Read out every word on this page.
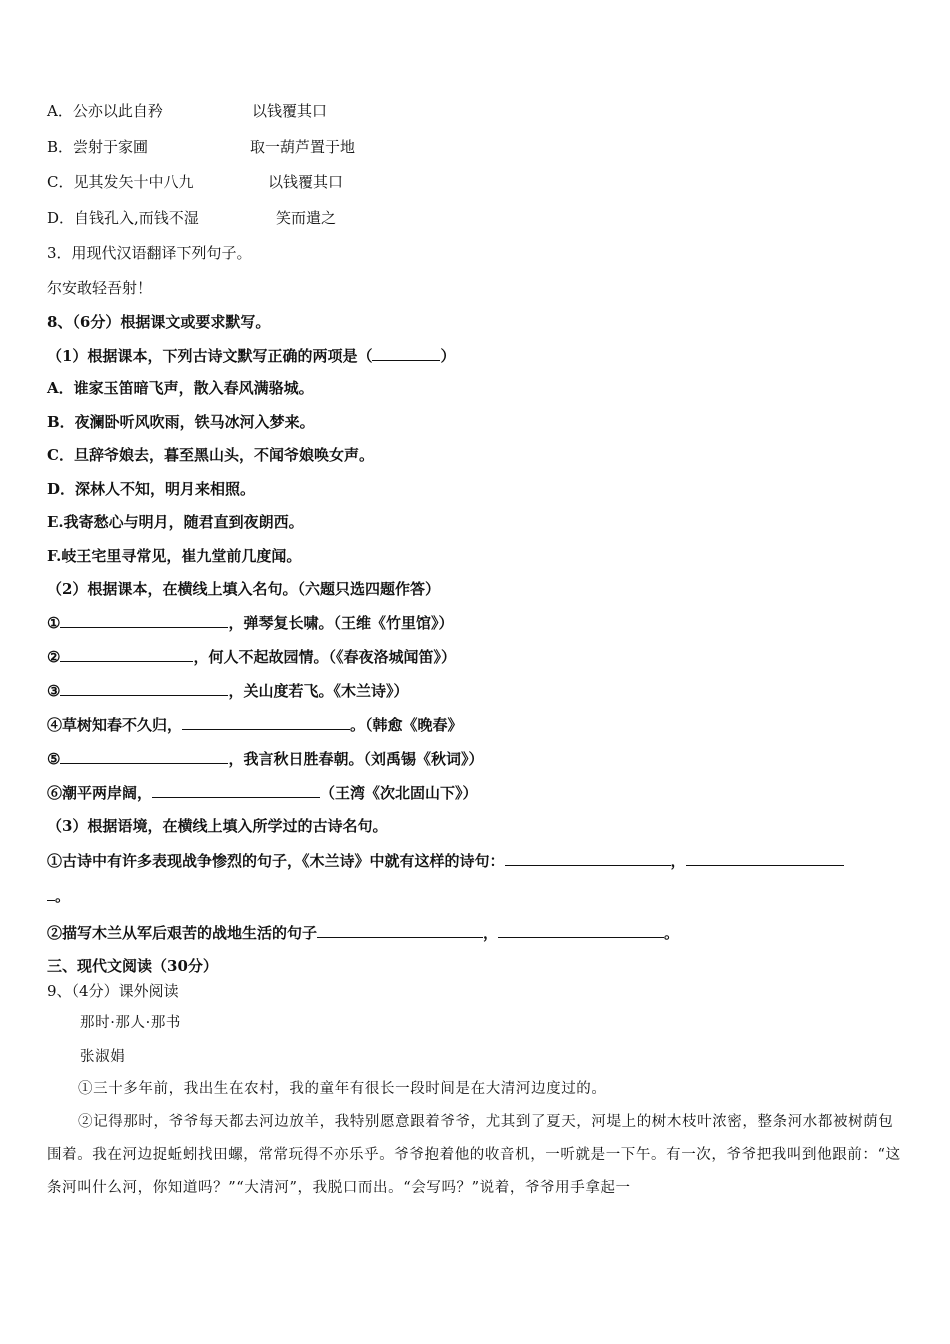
A．公亦以此自矜	以钱覆其口
B．尝射于家圃	取一葫芦置于地
C．见其发矢十中八九	以钱覆其口
D．自钱孔入,而钱不湿	笑而遣之
3．用现代汉语翻译下列句子。
尔安敢轻吾射！
8、（6分）根据课文或要求默写。
（1）根据课本，下列古诗文默写正确的两项是（	）
A．谁家玉笛暗飞声，散入春风满骆城。
B．夜澜卧听风吹雨，铁马冰河入梦来。
C．旦辞爷娘去，暮至黑山头，不闻爷娘唤女声。
D．深林人不知，明月来相照。
E.我寄愁心与明月，随君直到夜朗西。
F.岐王宅里寻常见，崔九堂前几度闻。
（2）根据课本，在横线上填入名句。（六题只选四题作答）
①	，弹琴复长啸。（王维《竹里馆》）
②	，何人不起故园情。（《春夜洛城闻笛》）
③	，关山度若飞。《木兰诗》）
④草树知春不久归，	。（韩愈《晚春》
⑤	，我言秋日胜春朝。（刘禹锡《秋词》）
⑥潮平两岸阔，	（王湾《次北固山下》）
（3）根据语境，在横线上填入所学过的古诗名句。
①古诗中有许多表现战争惨烈的句子，《木兰诗》中就有这样的诗句：	，
。
②描写木兰从军后艰苦的战地生活的句子	，	。
三、现代文阅读（30分）
9、（4分）课外阅读
那时·那人·那书
张淑娟
①三十多年前，我出生在农村，我的童年有很长一段时间是在大清河边度过的。
②记得那时，爷爷每天都去河边放羊，我特别愿意跟着爷爷，尤其到了夏天，河堤上的树木枝叶浓密，整条河水都被树荫包围着。我在河边捉蚯蚓找田螺，常常玩得不亦乐乎。爷爷抱着他的收音机，一听就是一下午。有一次，爷爷把我叫到他跟前：“这条河叫什么河，你知道吗？”“大清河”，我脱口而出。“会写吗？”说着，爷爷用手拿起一
